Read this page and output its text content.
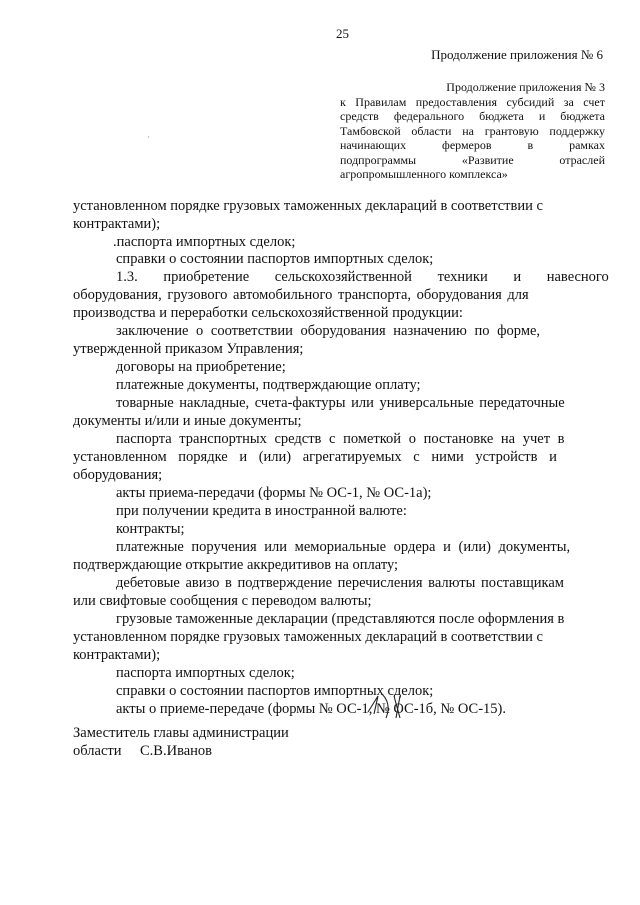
25
Продолжение приложения № 6
Продолжение приложения № 3
к Правилам предоставления субсидий за счет
средств федерального бюджета и бюджета
Тамбовской области на грантовую поддержку
начинающих фермеров в рамках
подпрограммы «Развитие отраслей
агропромышленного комплекса»
·
установленном порядке грузовых таможенных деклараций в соответствии с
контрактами);
.паспорта импортных сделок;
справки о состоянии паспортов импортных сделок;
1.3. приобретение сельскохозяйственной техники и навесного
оборудования, грузового автомобильного транспорта, оборудования для
производства и переработки сельскохозяйственной продукции:
заключение о соответствии оборудования назначению по форме,
утвержденной приказом Управления;
договоры на приобретение;
платежные документы, подтверждающие оплату;
товарные накладные, счета-фактуры или универсальные передаточные
документы и/или и иные документы;
паспорта транспортных средств с пометкой о постановке на учет в
установленном порядке и (или) агрегатируемых с ними устройств и
оборудования;
акты приема-передачи (формы № ОС-1, № ОС-1а);
при получении кредита в иностранной валюте:
контракты;
платежные поручения или мемориальные ордера и (или) документы,
подтверждающие открытие аккредитивов на оплату;
дебетовые авизо в подтверждение перечисления валюты поставщикам
или свифтовые сообщения с переводом валюты;
грузовые таможенные декларации (представляются после оформления в
установленном порядке грузовых таможенных деклараций в соответствии с
контрактами);
паспорта импортных сделок;
справки о состоянии паспортов импортных сделок;
акты о приеме-передаче (формы № ОС-1, № ОС-1б, № ОС-15).
Заместитель главы администрации
области С.В.Иванов
